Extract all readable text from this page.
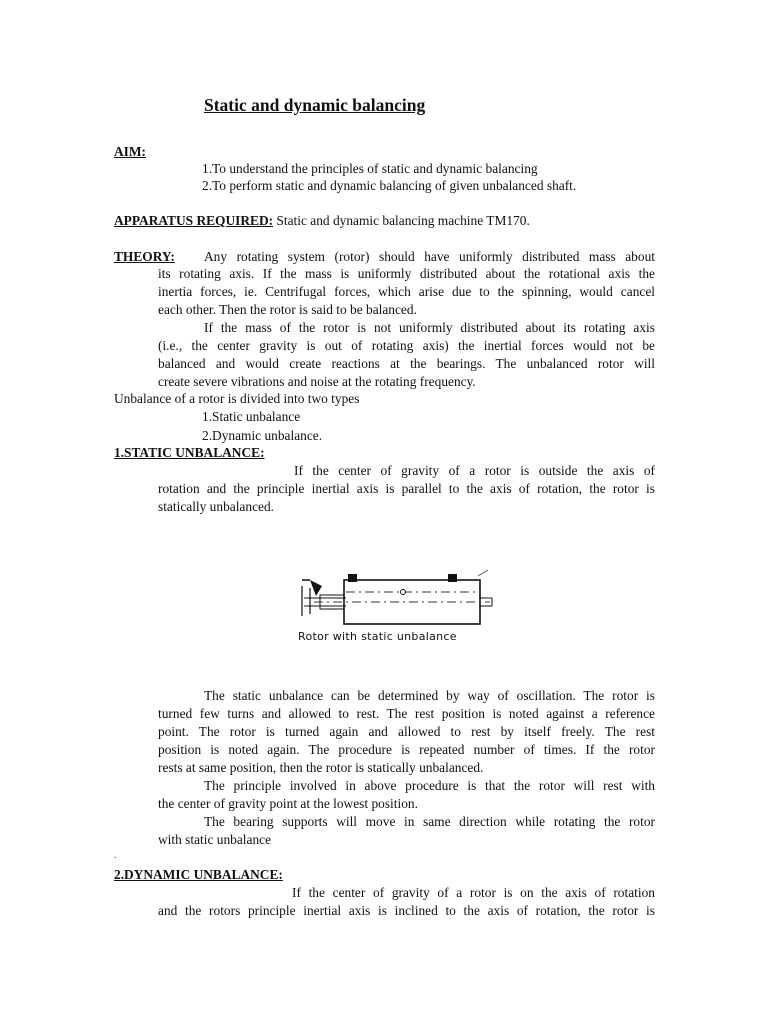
Static and dynamic balancing
AIM:
1.To understand the principles of static and dynamic balancing
2.To perform static and dynamic balancing of given unbalanced shaft.
APPARATUS REQUIRED: Static and dynamic balancing machine TM170.
THEORY: Any rotating system (rotor) should have uniformly distributed mass about
its rotating axis. If the mass is uniformly distributed about the rotational axis the
inertia forces, ie. Centrifugal forces, which arise due to the spinning, would cancel
each other. Then the rotor is said to be balanced.
If the mass of the rotor is not uniformly distributed about its rotating axis
(i.e., the center gravity is out of rotating axis) the inertial forces would not be
balanced and would create reactions at the bearings. The unbalanced rotor will
create severe vibrations and noise at the rotating frequency.
Unbalance of a rotor is divided into two types
1.Static unbalance
2.Dynamic unbalance.
1.STATIC UNBALANCE:
If the center of gravity of a rotor is outside the axis of
rotation and the principle inertial axis is parallel to the axis of rotation, the rotor is
statically unbalanced.
Rotor with static unbalance
The static unbalance can be determined by way of oscillation. The rotor is
turned few turns and allowed to rest. The rest position is noted against a reference
point. The rotor is turned again and allowed to rest by itself freely. The rest
position is noted again. The procedure is repeated number of times. If the rotor
rests at same position, then the rotor is statically unbalanced.
The principle involved in above procedure is that the rotor will rest with
the center of gravity point at the lowest position.
The bearing supports will move in same direction while rotating the rotor
with static unbalance
.
2.DYNAMIC UNBALANCE:
If the center of gravity of a rotor is on the axis of rotation
and the rotors principle inertial axis is inclined to the axis of rotation, the rotor is
